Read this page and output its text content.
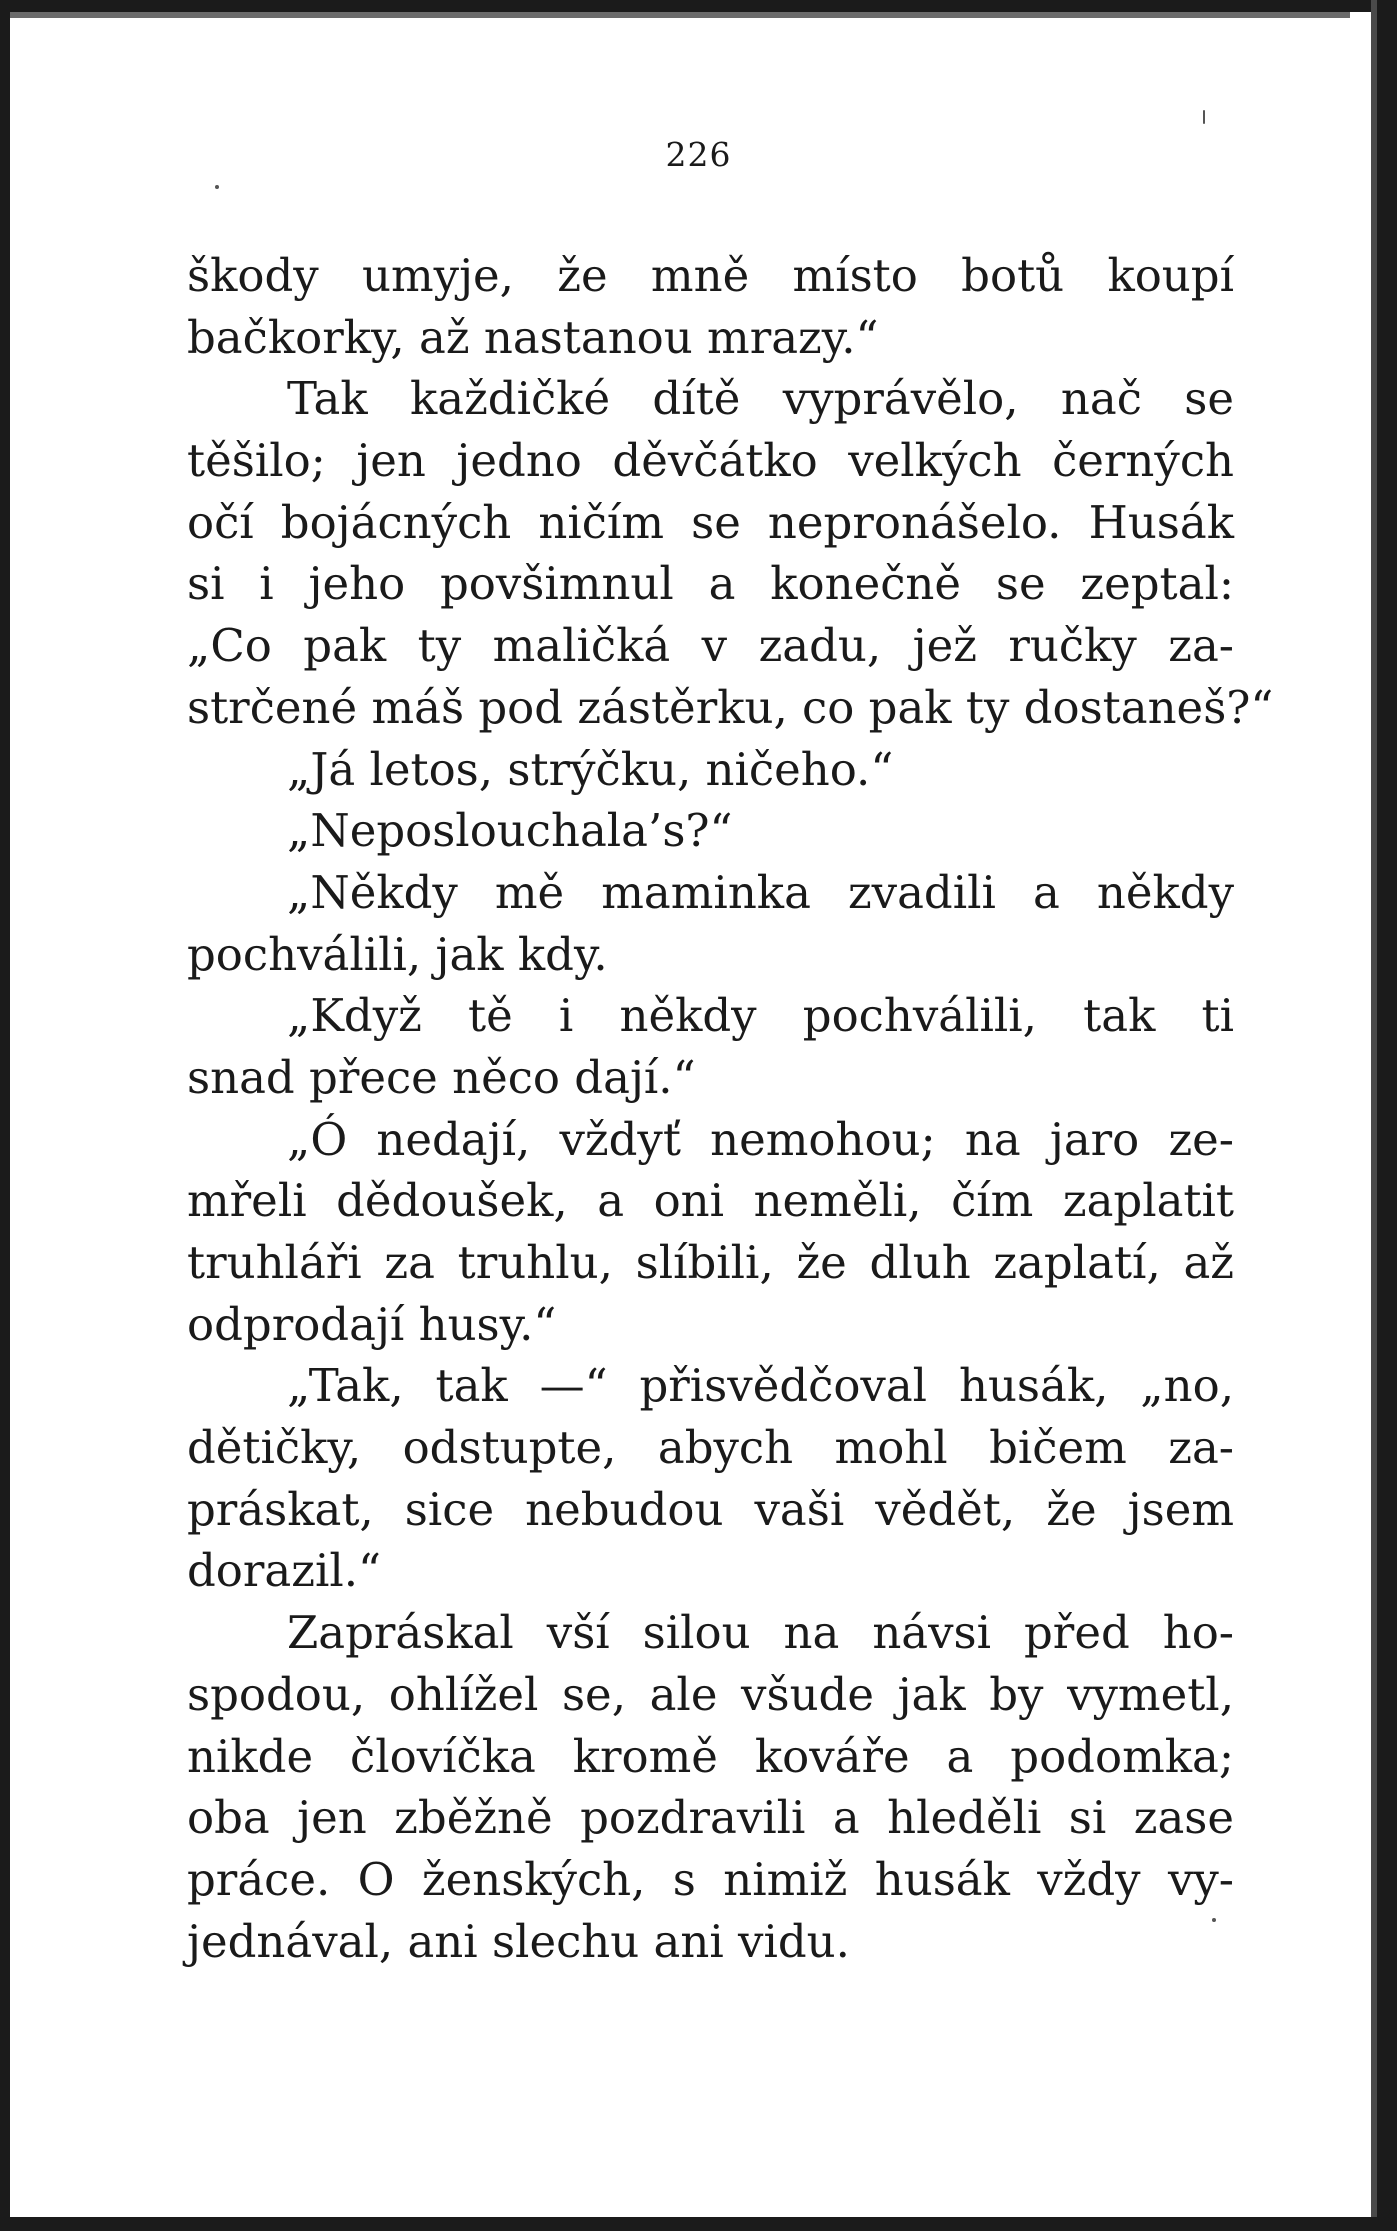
226
škody umyje, že mně místo botů koupí
bačkorky, až nastanou mrazy.“
Tak každičké dítě vyprávělo, nač se
těšilo; jen jedno děvčátko velkých černých
očí bojácných ničím se nepronášelo. Husák
si i jeho povšimnul a konečně se zeptal:
„Co pak ty maličká v zadu, jež ručky za-
strčené máš pod zástěrku, co pak ty dostaneš?“
„Já letos, strýčku, ničeho.“
„Neposlouchala’s?“
„Někdy mě maminka zvadili a někdy
pochválili, jak kdy.
„Když tě i někdy pochválili, tak ti
snad přece něco dají.“
„Ó nedají, vždyť nemohou; na jaro ze-
mřeli dědoušek, a oni neměli, čím zaplatit
truhláři za truhlu, slíbili, že dluh zaplatí, až
odprodají husy.“
„Tak, tak —“ přisvědčoval husák, „no,
dětičky, odstupte, abych mohl bičem za-
práskat, sice nebudou vaši vědět, že jsem
dorazil.“
Zapráskal vší silou na návsi před ho-
spodou, ohlížel se, ale všude jak by vymetl,
nikde človíčka kromě kováře a podomka;
oba jen zběžně pozdravili a hleděli si zase
práce. O ženských, s nimiž husák vždy vy-
jednával, ani slechu ani vidu.
